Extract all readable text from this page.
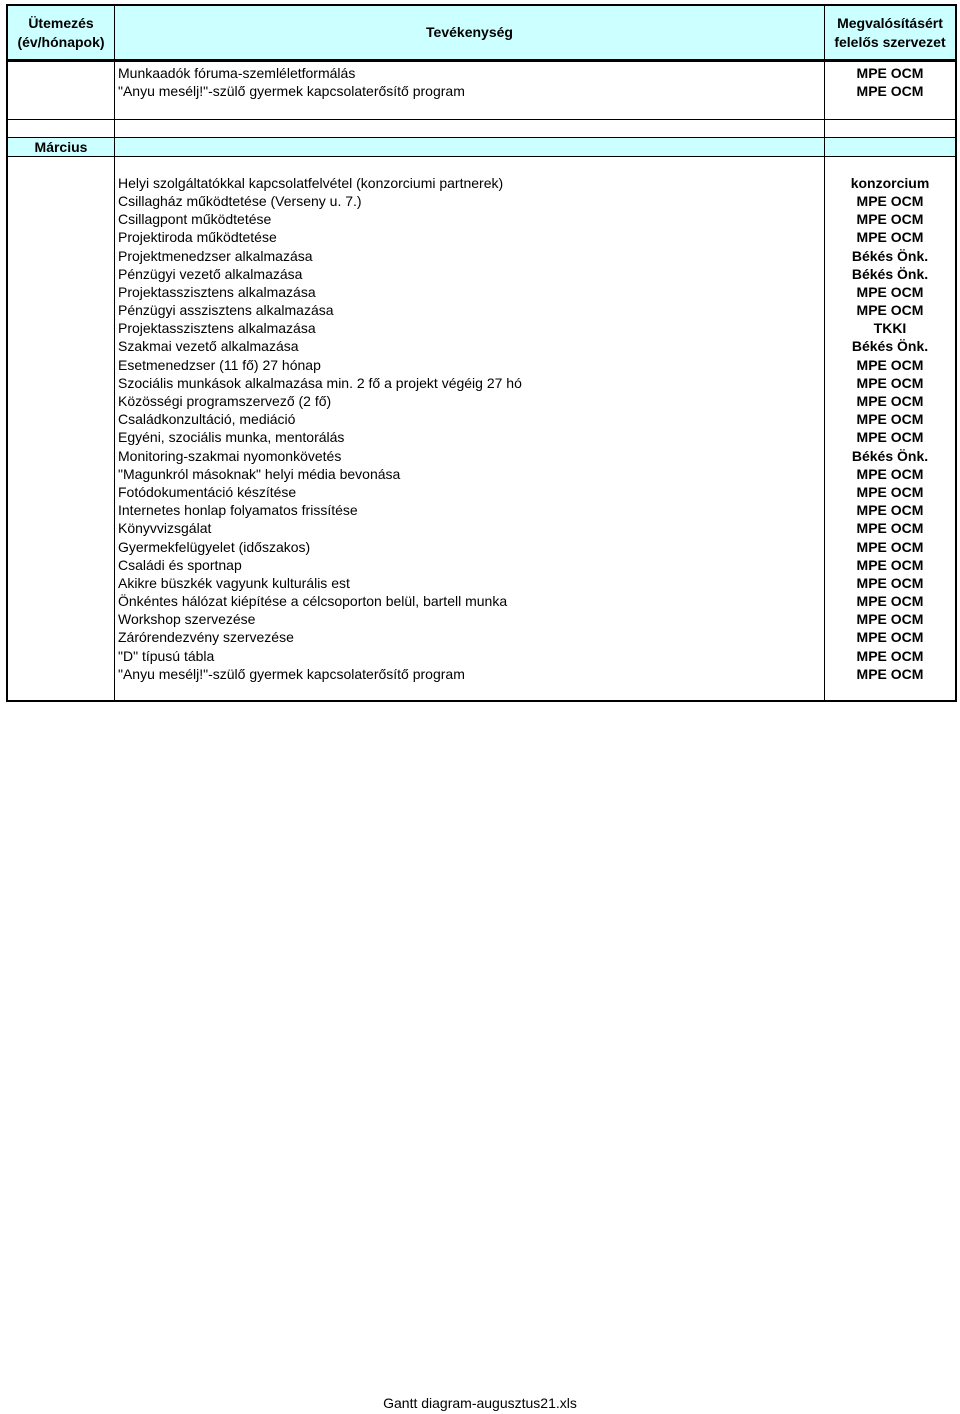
Ütemezés
(év/hónapok)
Tevékenység
Megvalósításért
felelős szervezet
Munkaadók fóruma-szemléletformálás	MPE OCM
"Anyu mesélj!"-szülő gyermek kapcsolaterősítő program	MPE OCM
Március
Helyi szolgáltatókkal kapcsolatfelvétel (konzorciumi partnerek)	konzorcium
Csillagház működtetése (Verseny u. 7.)	MPE OCM
Csillagpont működtetése	MPE OCM
Projektiroda működtetése	MPE OCM
Projektmenedzser alkalmazása	Békés Önk.
Pénzügyi vezető alkalmazása	Békés Önk.
Projektasszisztens alkalmazása	MPE OCM
Pénzügyi asszisztens alkalmazása	MPE OCM
Projektasszisztens alkalmazása	TKKI
Szakmai vezető alkalmazása	Békés Önk.
Esetmenedzser (11 fő) 27 hónap	MPE OCM
Szociális munkások alkalmazása min. 2 fő a projekt végéig 27 hó	MPE OCM
Közösségi programszervező (2 fő)	MPE OCM
Családkonzultáció, mediáció	MPE OCM
Egyéni, szociális munka, mentorálás	MPE OCM
Monitoring-szakmai nyomonkövetés	Békés Önk.
"Magunkról másoknak" helyi média bevonása	MPE OCM
Fotódokumentáció készítése	MPE OCM
Internetes honlap folyamatos frissítése	MPE OCM
Könyvvizsgálat	MPE OCM
Gyermekfelügyelet (időszakos)	MPE OCM
Családi és sportnap	MPE OCM
Akikre büszkék vagyunk kulturális est	MPE OCM
Önkéntes hálózat kiépítése a célcsoporton belül, bartell munka	MPE OCM
Workshop szervezése	MPE OCM
Zárórendezvény szervezése	MPE OCM
"D" típusú tábla	MPE OCM
"Anyu mesélj!"-szülő gyermek kapcsolaterősítő program	MPE OCM
Gantt diagram-augusztus21.xls
